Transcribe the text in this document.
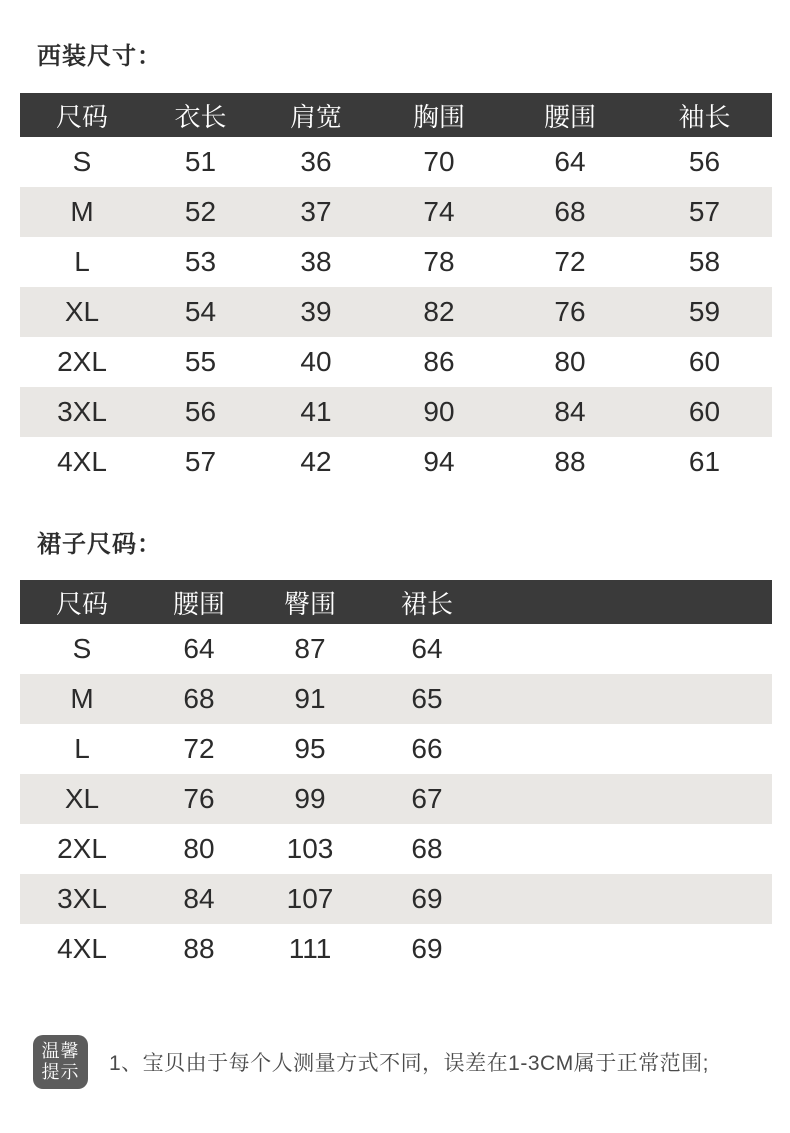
西装尺寸：
尺码	衣长	肩宽	胸围	腰围	袖长
S	51	36	70	64	56
M	52	37	74	68	57
L	53	38	78	72	58
XL	54	39	82	76	59
2XL	55	40	86	80	60
3XL	56	41	90	84	60
4XL	57	42	94	88	61
裙子尺码：
尺码	腰围	臀围	裙长	
S	64	87	64	
M	68	91	65	
L	72	95	66	
XL	76	99	67	
2XL	80	103	68	
3XL	84	107	69	
4XL	88	111	69	
温馨
提示 1、宝贝由于每个人测量方式不同，误差在1-3CM属于正常范围;
